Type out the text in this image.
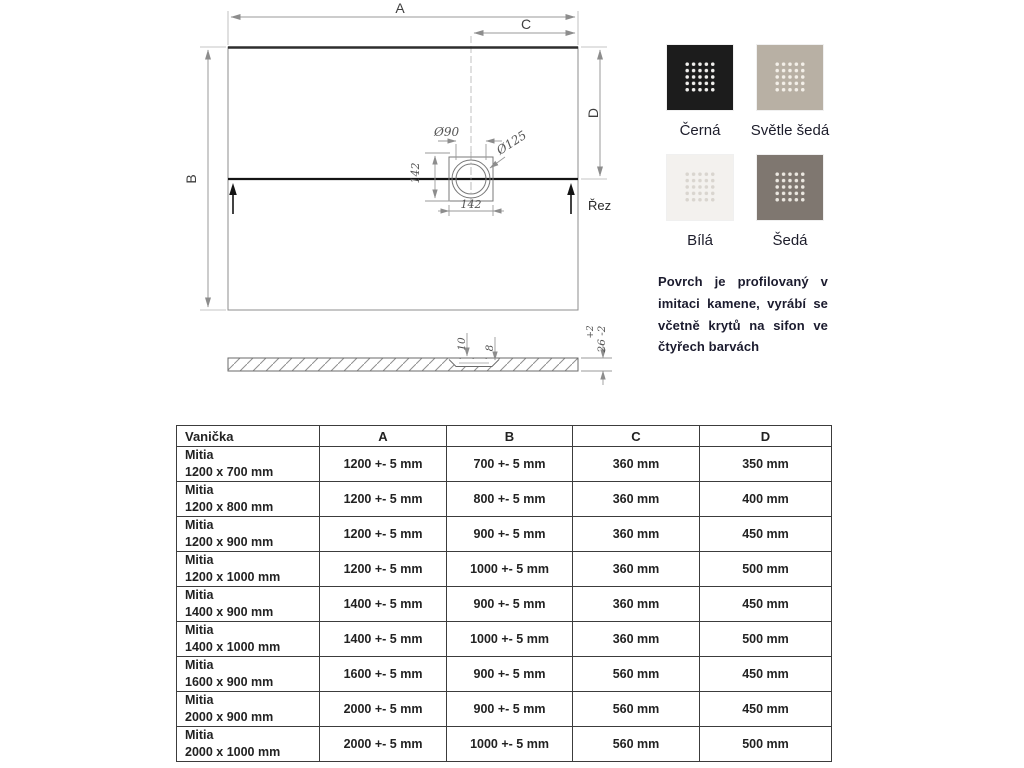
A
C
B
D
Řez
Ø90	Ø125
142
142
10 8
+2 26 -2
Černá Světle šedá
Bílá	Šedá
Povrch je profilovaný v imitaci kamene, vyrábí se včetně krytů na sifon ve čtyřech barvách
Vanička	A	B	C	D

Mitia
1200 x 700 mm	1200 +- 5 mm	700 +- 5 mm	360 mm	350 mm

Mitia
1200 x 800 mm	1200 +- 5 mm	800 +- 5 mm	360 mm	400 mm

Mitia
1200 x 900 mm	1200 +- 5 mm	900 +- 5 mm	360 mm	450 mm

Mitia
1200 x 1000 mm	1200 +- 5 mm	1000 +- 5 mm	360 mm	500 mm

Mitia
1400 x 900 mm	1400 +- 5 mm	900 +- 5 mm	360 mm	450 mm

Mitia
1400 x 1000 mm	1400 +- 5 mm	1000 +- 5 mm	360 mm	500 mm

Mitia
1600 x 900 mm	1600 +- 5 mm	900 +- 5 mm	560 mm	450 mm

Mitia
2000 x 900 mm	2000 +- 5 mm	900 +- 5 mm	560 mm	450 mm

Mitia
2000 x 1000 mm	2000 +- 5 mm	1000 +- 5 mm	560 mm	500 mm
